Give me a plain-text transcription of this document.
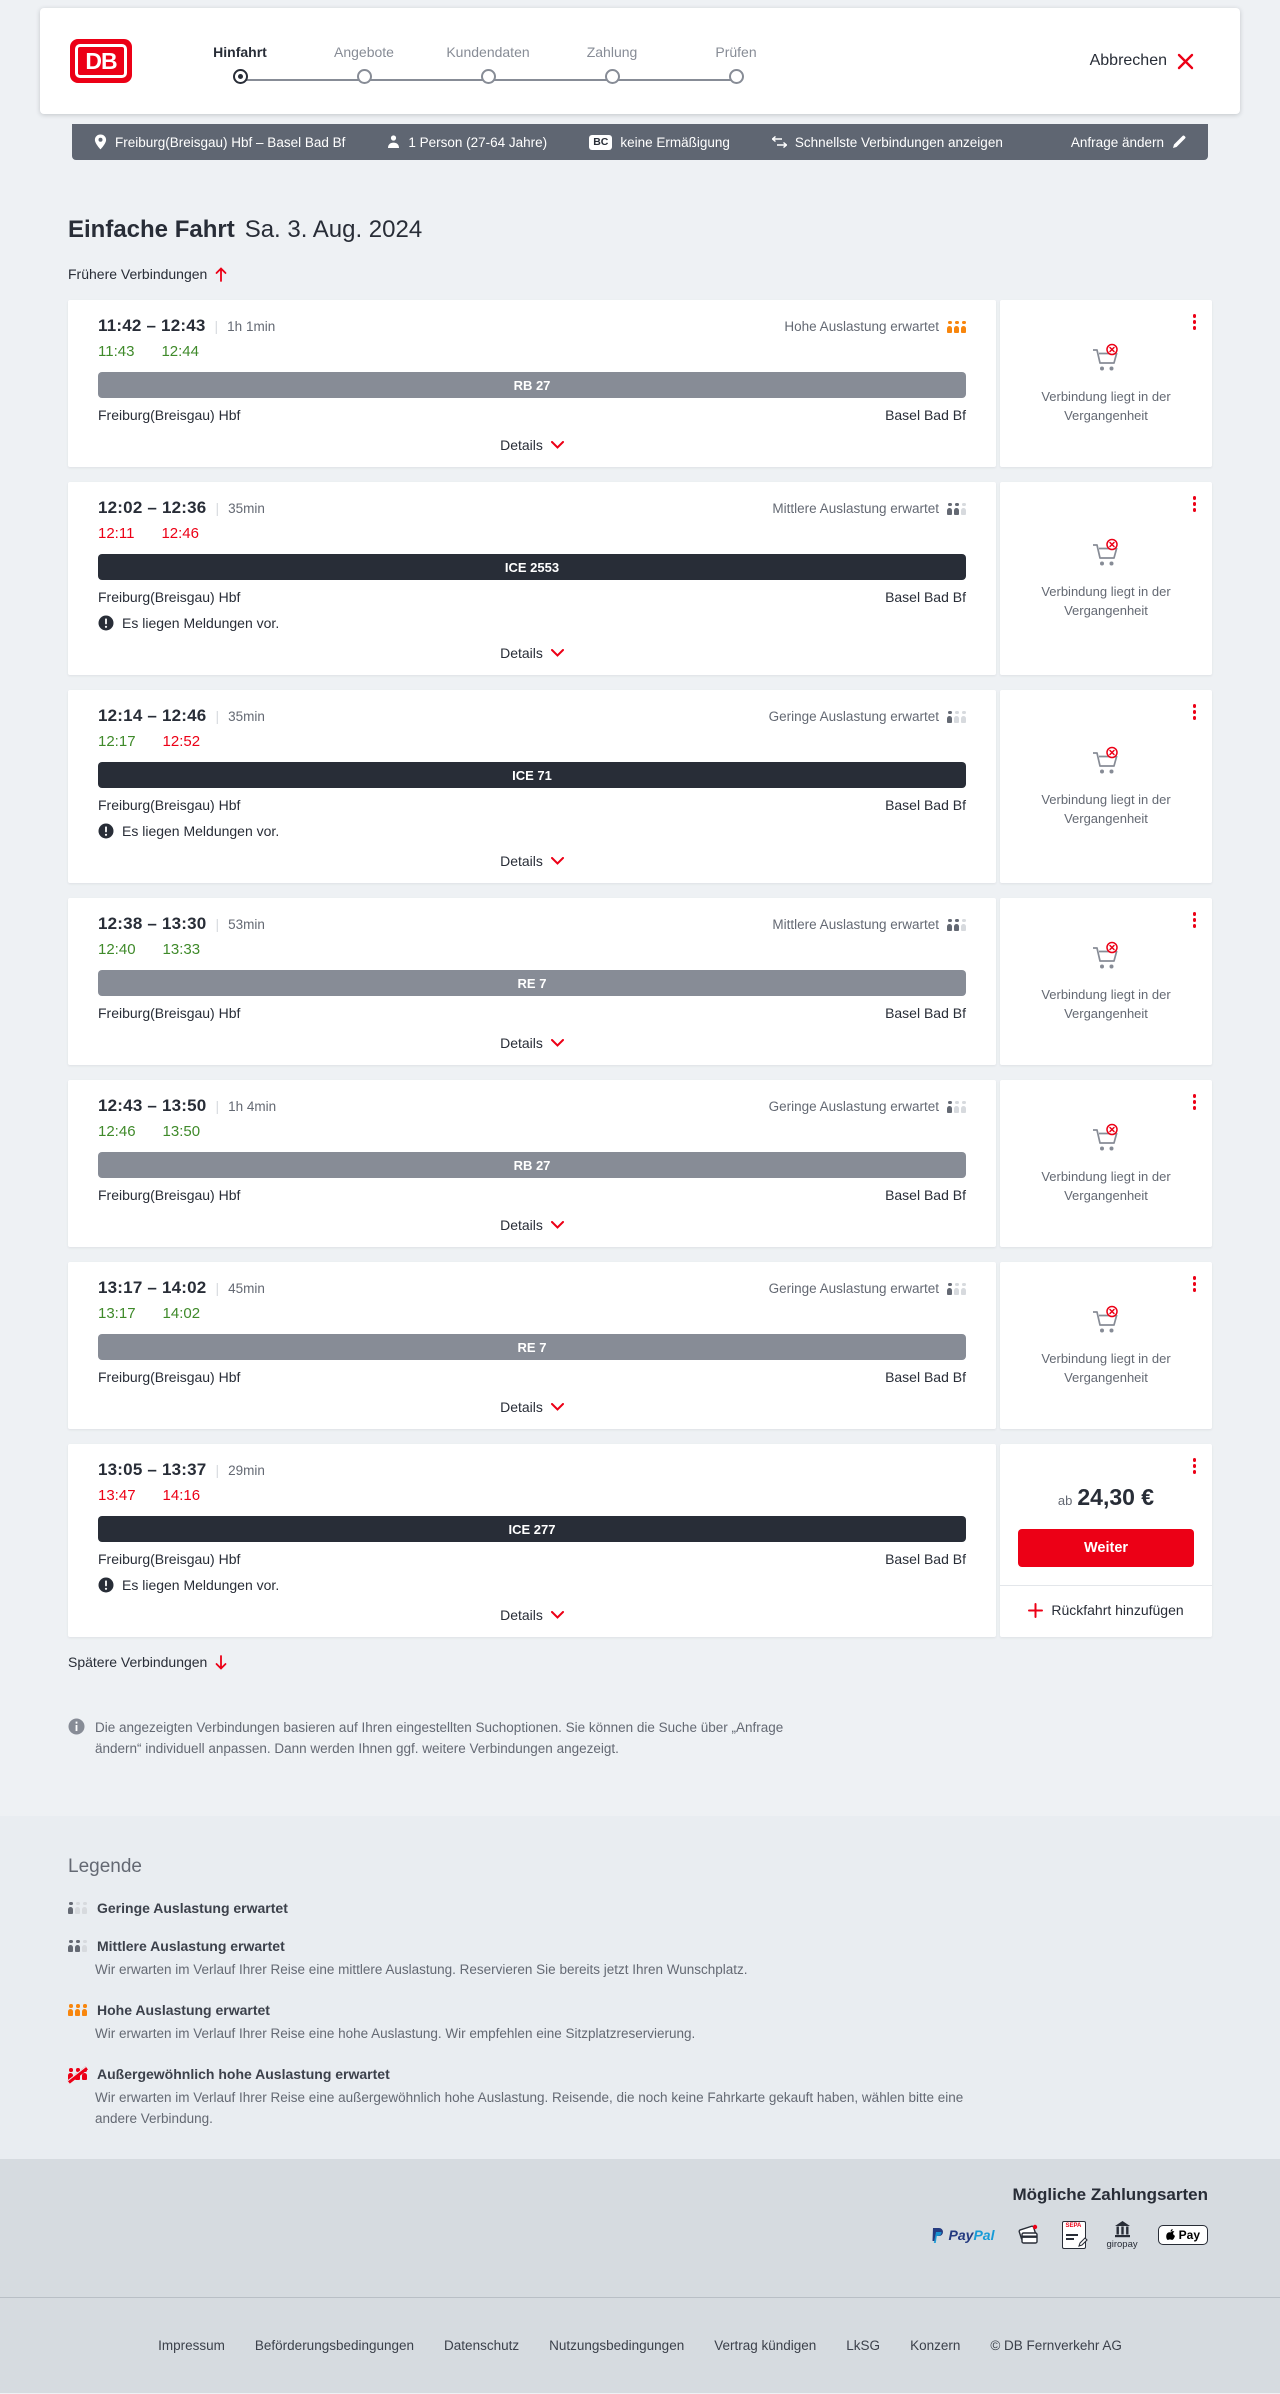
DB	Hinfahrt	Angebote	Kundendaten	Zahlung	Prüfen	Abbrechen
Freiburg(Breisgau) Hbf – Basel Bad Bf	1 Person (27-64 Jahre)	BC keine Ermäßigung	Schnellste Verbindungen anzeigen	Anfrage ändern
Einfache Fahrt Sa. 3. Aug. 2024
Frühere Verbindungen
11:42 – 12:43 | 1h 1min	Hohe Auslastung erwartet
11:43 12:44
RB 27
Freiburg(Breisgau) Hbf	Basel Bad Bf
Details
Verbindung liegt in der Vergangenheit
12:02 – 12:36 | 35min	Mittlere Auslastung erwartet
12:11 12:46
ICE 2553
Freiburg(Breisgau) Hbf	Basel Bad Bf
Es liegen Meldungen vor.
Details
Verbindung liegt in der Vergangenheit
12:14 – 12:46 | 35min	Geringe Auslastung erwartet
12:17 12:52
ICE 71
Freiburg(Breisgau) Hbf	Basel Bad Bf
Es liegen Meldungen vor.
Details
Verbindung liegt in der Vergangenheit
12:38 – 13:30 | 53min	Mittlere Auslastung erwartet
12:40 13:33
RE 7
Freiburg(Breisgau) Hbf	Basel Bad Bf
Details
Verbindung liegt in der Vergangenheit
12:43 – 13:50 | 1h 4min	Geringe Auslastung erwartet
12:46 13:50
RB 27
Freiburg(Breisgau) Hbf	Basel Bad Bf
Details
Verbindung liegt in der Vergangenheit
13:17 – 14:02 | 45min	Geringe Auslastung erwartet
13:17 14:02
RE 7
Freiburg(Breisgau) Hbf	Basel Bad Bf
Details
Verbindung liegt in der Vergangenheit
13:05 – 13:37 | 29min
13:47 14:16
ICE 277
Freiburg(Breisgau) Hbf	Basel Bad Bf
Es liegen Meldungen vor.
Details
ab 24,30 €
Weiter
Rückfahrt hinzufügen
Spätere Verbindungen
Die angezeigten Verbindungen basieren auf Ihren eingestellten Suchoptionen. Sie können die Suche über „Anfrage ändern“ individuell anpassen. Dann werden Ihnen ggf. weitere Verbindungen angezeigt.
Legende
Geringe Auslastung erwartet
Mittlere Auslastung erwartet
Wir erwarten im Verlauf Ihrer Reise eine mittlere Auslastung. Reservieren Sie bereits jetzt Ihren Wunschplatz.
Hohe Auslastung erwartet
Wir erwarten im Verlauf Ihrer Reise eine hohe Auslastung. Wir empfehlen eine Sitzplatzreservierung.
Außergewöhnlich hohe Auslastung erwartet
Wir erwarten im Verlauf Ihrer Reise eine außergewöhnlich hohe Auslastung. Reisende, die noch keine Fahrkarte gekauft haben, wählen bitte eine andere Verbindung.
Mögliche Zahlungsarten
PayPal
SEPA
giropay
Pay
Impressum Beförderungsbedingungen Datenschutz Nutzungsbedingungen Vertrag kündigen LkSG Konzern © DB Fernverkehr AG
